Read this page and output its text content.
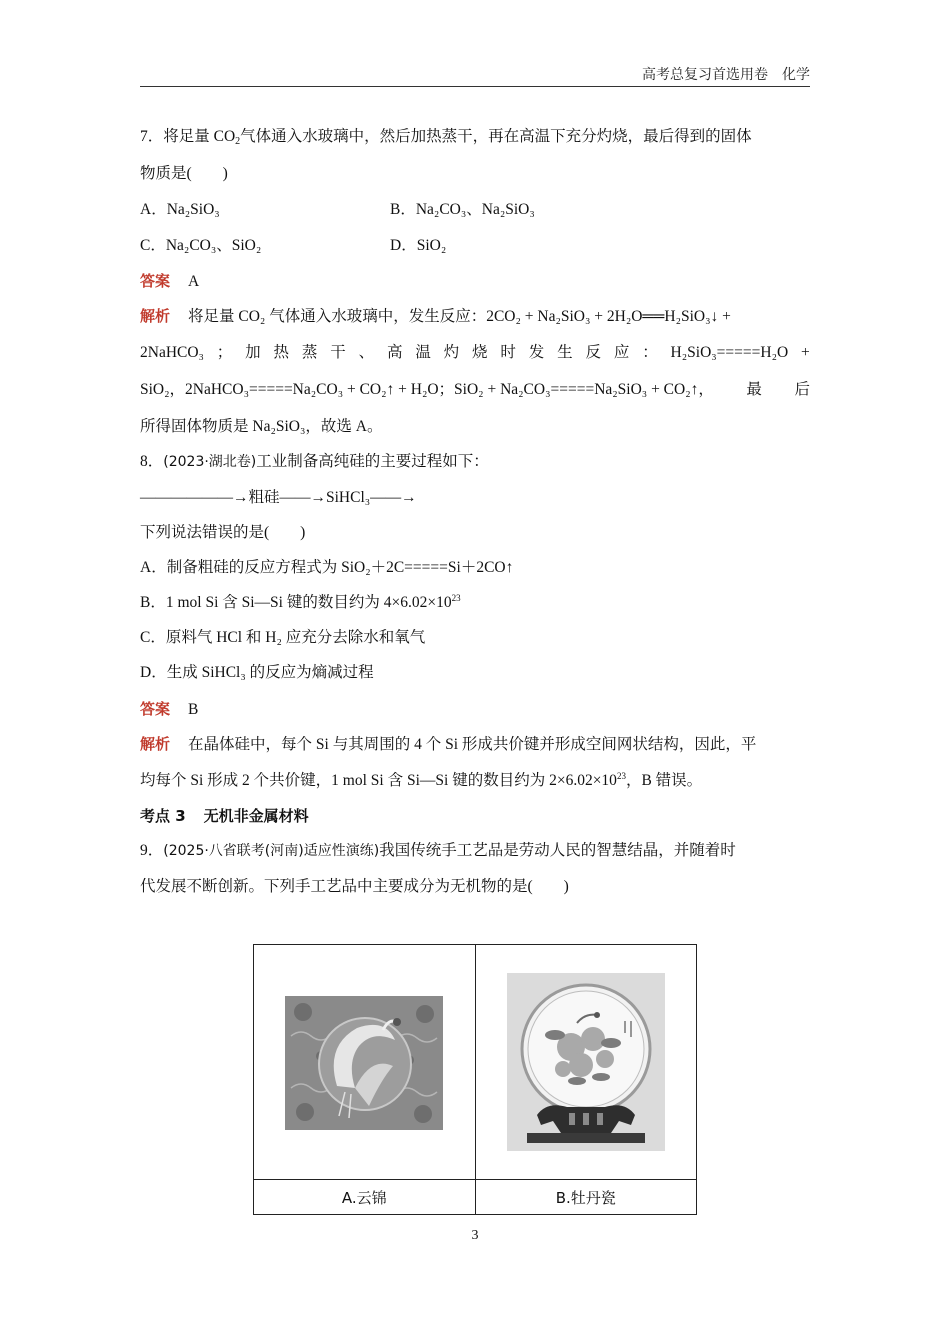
高考总复习首选用卷　化学
7．将足量 $CO_2$气体通入水玻璃中，然后加热蒸干，再在高温下充分灼烧，最后得到的固体
物质是(　　)
A．Na₂SiO₃	B．Na₂CO₃、Na₂SiO₃
C．Na₂CO₃、SiO₂	D．SiO₂
答案 A
解析 将足量 CO₂ 气体通入水玻璃中，发生反应：2CO₂ + Na₂SiO₃ + 2H₂O══H₂SiO₃↓ +
2NaHCO₃ ； 加 热 蒸 干 、 高 温 灼 烧 时 发 生 反 应 ： H₂SiO₃=====H₂O +
SiO₂，2NaHCO₃=====Na₂CO₃ + CO₂↑ + H₂O；SiO₂ + Na₂CO₃=====Na₂SiO₃ + CO₂↑， 最 后
所得固体物质是 Na₂SiO₃，故选 A。
8．(2023·湖北卷)工业制备高纯硅的主要过程如下：
——————→粗硅——→SiHCl₃——→
下列说法错误的是(　　)
A．制备粗硅的反应方程式为 SiO₂＋2C=====Si＋2CO↑
B．1 mol Si 含 Si—Si 键的数目约为 $4\times 6.02\times 10^{23}$
C．原料气 HCl 和 H₂ 应充分去除水和氧气
D．生成 SiHCl₃ 的反应为熵减过程
答案 B
解析 在晶体硅中，每个 Si 与其周围的 4 个 Si 形成共价键并形成空间网状结构，因此，平
均每个 Si 形成 2 个共价键，1 mol Si 含 Si—Si 键的数目约为 $2\times 6.02\times 10^{23}$，B 错误。
考点 3 无机非金属材料
9．(2025·八省联考(河南)适应性演练)我国传统手工艺品是劳动人民的智慧结晶，并随着时
代发展不断创新。下列手工艺品中主要成分为无机物的是(　　)

A.云锦	B.牡丹瓷
3
